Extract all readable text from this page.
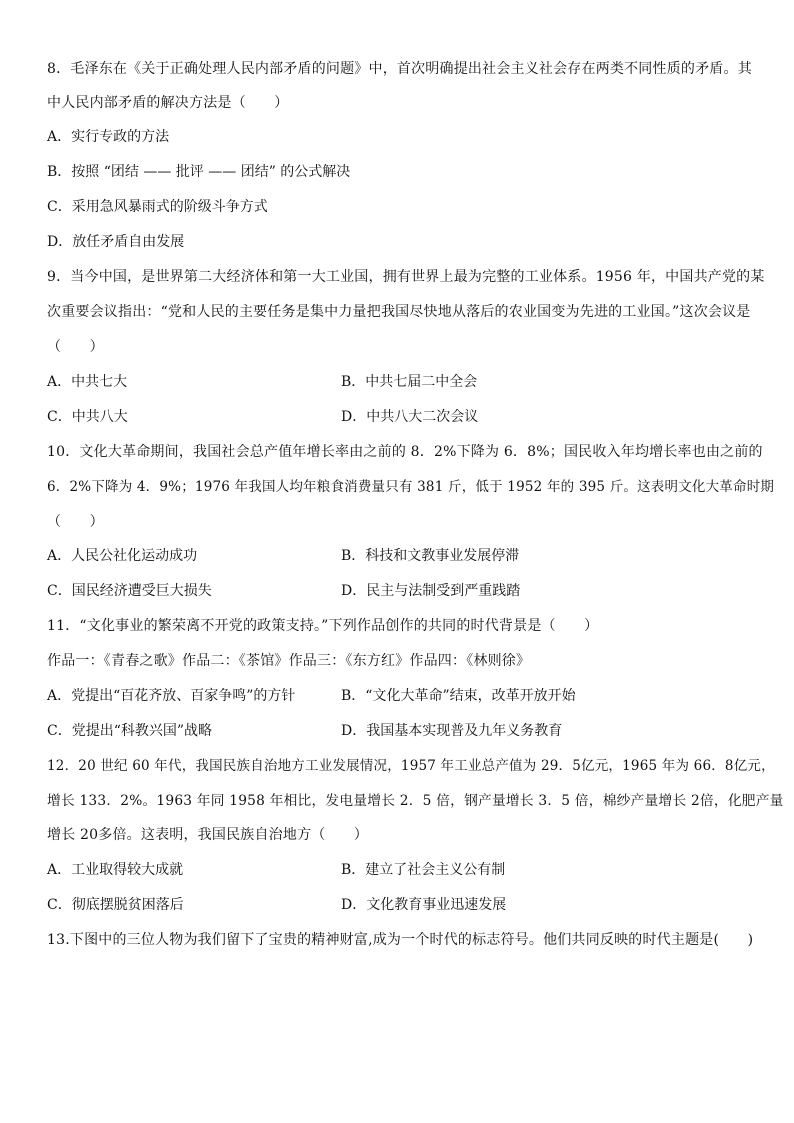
8．毛泽东在《关于正确处理人民内部矛盾的问题》中，首次明确提出社会主义社会存在两类不同性质的矛盾。其
中人民内部矛盾的解决方法是（　　）
A．实行专政的方法
B．按照 “团结 —— 批评 —— 团结” 的公式解决
C．采用急风暴雨式的阶级斗争方式
D．放任矛盾自由发展
9．当今中国，是世界第二大经济体和第一大工业国，拥有世界上最为完整的工业体系。1956 年，中国共产党的某
次重要会议指出：“党和人民的主要任务是集中力量把我国尽快地从落后的农业国变为先进的工业国。”这次会议是
（　　）
A．中共七大	B．中共七届二中全会
C．中共八大	D．中共八大二次会议
10．文化大革命期间，我国社会总产值年增长率由之前的 8．2%下降为 6．8%；国民收入年均增长率也由之前的
6．2%下降为 4．9%；1976 年我国人均年粮食消费量只有 381 斤，低于 1952 年的 395 斤。这表明文化大革命时期
（　　）
A．人民公社化运动成功	B．科技和文教事业发展停滞
C．国民经济遭受巨大损失	D．民主与法制受到严重践踏
11．“文化事业的繁荣离不开党的政策支持。”下列作品创作的共同的时代背景是（　　）
作品一：《青春之歌》作品二：《茶馆》作品三：《东方红》作品四：《林则徐》
A．党提出“百花齐放、百家争鸣”的方针	B．“文化大革命”结束，改革开放开始
C．党提出“科教兴国”战略	D．我国基本实现普及九年义务教育
12．20 世纪 60 年代，我国民族自治地方工业发展情况，1957 年工业总产值为 29．5亿元，1965 年为 66．8亿元，
增长 133．2%。1963 年同 1958 年相比，发电量增长 2．5 倍，钢产量增长 3．5 倍，棉纱产量增长 2倍，化肥产量
增长 20多倍。这表明，我国民族自治地方（　　）
A．工业取得较大成就	B．建立了社会主义公有制
C．彻底摆脱贫困落后	D．文化教育事业迅速发展
13.下图中的三位人物为我们留下了宝贵的精神财富,成为一个时代的标志符号。他们共同反映的时代主题是(　　)
